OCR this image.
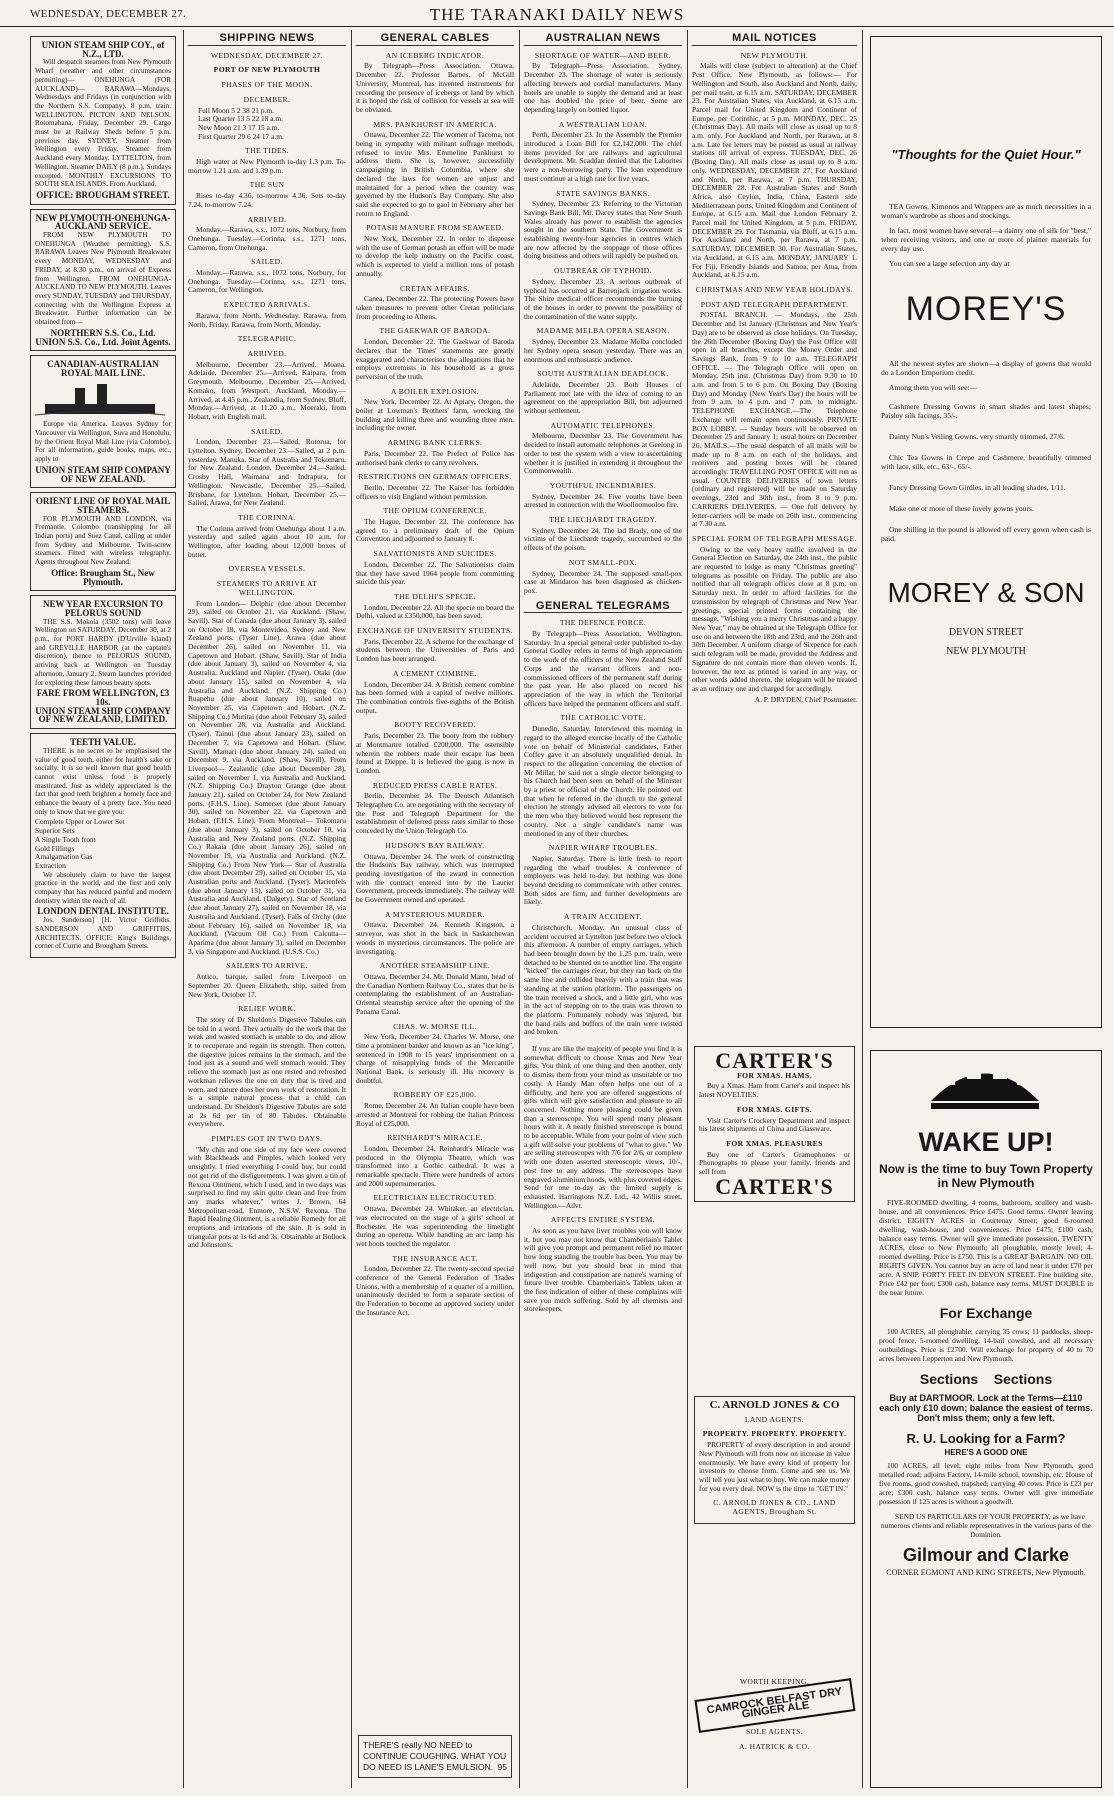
WEDNESDAY, DECEMBER 27.	THE TARANAKI DAILY NEWS
UNION STEAM SHIP COY., of N.Z., LTD.
Will despatch steamers from New Plymouth Wharf (weather and other circumstances permitting)— ONEHUNGA (FOR AUCKLAND)— RARAWA—Mondays, Wednesdays and Fridays (in conjunction with the Northern S.S. Company). 8 p.m. train. WELLINGTON, PICTON AND NELSON. Rotomahana, Friday, December 29. Cargo must be at Railway Sheds before 5 p.m. previous day. SYDNEY. Steamer from Wellington every Friday. Steamer from Auckland every Monday. LYTTELTON, from Wellington. Steamer DAILY (8 p.m.), Sundays excepted. MONTHLY EXCURSIONS TO SOUTH SEA ISLANDS. From Auckland.
OFFICE: BROUGHAM STREET.
NEW PLYMOUTH-ONEHUNGA-AUCKLAND SERVICE.
FROM NEW PLYMOUTH TO ONEHUNGA (Weather permitting). S.S. RARAWA Leaves New Plymouth Breakwater every MONDAY, WEDNESDAY and FRIDAY, at 8.30 p.m., on arrival of Express from Wellington. FROM ONEHUNGA-AUCKLAND TO NEW PLYMOUTH. Leaves every SUNDAY, TUESDAY and THURSDAY, connecting with the Wellington Express at Breakwater. Further information can be obtained from—
NORTHERN S.S. Co., Ltd. UNION S.S. Co., Ltd. Joint Agents.
CANADIAN-AUSTRALIAN ROYAL MAIL LINE.
Europe via America. Leaves Sydney for Vancouver via Wellington, Suva and Honolulu, by the Orient Royal Mail Line (via Colombo). For all information, guide books, maps, etc., apply to
UNION STEAM SHIP COMPANY OF NEW ZEALAND.
ORIENT LINE OF ROYAL MAIL STEAMERS.
FOR PLYMOUTH AND LONDON, via Fremantle, Colombo (transhipping for all Indian ports) and Suez Canal, calling at under from Sydney and Melbourne. Twin-screw steamers. Fitted with wireless telegraphy. Agents throughout New Zealand.
Office: Brougham St., New Plymouth.
NEW YEAR EXCURSION TO PELORUS SOUND
THE S.S. Mokoia (3502 tons) will leave Wellington on SATURDAY, December 30, at 2 p.m., for PORT HARDY (D'Urville Island) and GREVILLE HARBOR (at the captain's discretion), thence to PELORUS SOUND, arriving back at Wellington on Tuesday afternoon, January 2. Steam launches provided for exploring these famous beauty spots.
FARE FROM WELLINGTON, £3 10s.
UNION STEAM SHIP COMPANY OF NEW ZEALAND, LIMITED.
TEETH VALUE.
THERE is no secret to be emphasised the value of good teeth, either for health's sake or socially. It is so well known that good health cannot exist unless food is properly masticated. Just as widely appreciated is the fact that good teeth brighten a homely face and enhance the beauty of a pretty face. You need only to know that we give you:
Complete Upper or Lower Set
Superior Sets
A Single Tooth from
Gold Fillings
Amalgamation Gas
Extraction
We absolutely claim to have the largest practice in the world, and the first and only company that has reduced painful and modern dentistry within the reach of all.
LONDON DENTAL INSTITUTE.
Jos. Sanderson] [H. Victor Griffiths. SANDERSON AND GRIFFITHS, ARCHITECTS. OFFICE: King's Buildings, corner of Currie and Brougham Streets.
SHIPPING NEWS
WEDNESDAY, DECEMBER 27.
PORT OF NEW PLYMOUTH
PHASES OF THE MOON.
DECEMBER.
Full Moon 5 2 38 21 p.m.
Last Quarter 13 5 22 18 a.m.
New Moon 21 3 17 15 a.m.
First Quarter 29 6 24 17 a.m.
THE TIDES.
High water at New Plymouth to-day 1.3 p.m. To-morrow 1.21 a.m. and 1.39 p.m.
THE SUN
Rises to-day 4.36, to-morrow 4.36. Sets to-day 7.24, to-morrow 7.24.
ARRIVED.
Monday.—Rarawa, s.s., 1072 tons, Norbury, from Onehunga. Tuesday.—Corinna, s.s., 1271 tons, Cameron, from Onehunga.
SAILED.
Monday.—Rarawa, s.s., 1072 tons, Norbury, for Onehunga. Tuesday.—Corinna, s.s., 1271 tons, Cameron, for Wellington.
EXPECTED ARRIVALS.
Rarawa, from North, Wednesday. Rarawa, from North, Friday. Rarawa, from North, Monday.
TELEGRAPHIC.
ARRIVED.
Melbourne, December 23.—Arrived. Moana. Adelaide, December 25.—Arrived, Kaipara, from Greymouth. Melbourne, December 25.—Arrived, Komako, from Westport. Auckland, Monday.—Arrived, at 4.45 p.m., Zealandia, from Sydney. Bluff, Monday.—Arrived, at 11.20 a.m., Moeraki, from Hobart, with English mail.
SAILED.
London, December 23.—Sailed, Rotorua, for Lyttelton. Sydney, December 23.—Sailed, at 2 p.m. yesterday, Manuka, Star of Australia and Tokomaru, for New Zealand. London, December 24.—Sailed, Crosby Hall, Waimana and Indrapura, for Wellington. Newcastle, December 25.—Sailed, Brisbane, for Lyttelton. Hobart, December 25.—Sailed, Arawa, for New Zealand.
THE CORINNA.
The Corinna arrived from Onehunga about 1 a.m. yesterday and sailed again about 10 a.m. for Wellington, after loading about 12,000 boxes of butter.
OVERSEA VESSELS.
STEAMERS TO ARRIVE AT WELLINGTON.
From London— Delphic (due about December 29), sailed on October 21, via Auckland. (Shaw, Savill). Star of Canada (due about January 3), sailed on October 18, via Montevideo, Sydney and New Zealand ports. (Tyser Line). Arawa (due about December 26), sailed on November 11, via Capetown and Hobart. (Shaw, Savill). Star of India (due about January 3), sailed on November 4, via Australia, Auckland and Napier. (Tyser). Otaki (due about January 15), sailed on November 4, via Australia and Auckland. (N.Z. Shipping Co.) Ruapehu (due about January 10), sailed on November 25, via Capetown and Hobart. (N.Z. Shipping Co.) Muritai (due about February 3), sailed on November 28, via Australia and Auckland. (Tyser). Tainui (due about January 23), sailed on December 7, via Capetown and Hobart. (Shaw, Savill). Mamari (due about January 24), sailed on December 9, via Auckland. (Shaw, Savill). From Liverpool— Zealandic (due about December 28), sailed on November 1, via Australia and Auckland. (N.Z. Shipping Co.) Drayton Grange (due about January 21), sailed on October 24, for New Zealand ports. (F.H.S. Line). Somerset (due about January 30), sailed on November 22, via Capetown and Hobart. (F.H.S. Line). From Montreal— Tokomaru (due about January 3), sailed on October 10, via Australia and New Zealand ports. (N.Z. Shipping Co.) Rakaia (due about January 26), sailed on November 19, via Australia and Auckland. (N.Z. Shipping Co.) From New York— Star of Australia (due about December 29), sailed on October 15, via Australian ports and Auckland. (Tyser). Marienfels (due about January 15), sailed on October 31, via Australia and Auckland. (Dalgety). Star of Scotland (due about January 27), sailed on November 18, via Australia and Auckland. (Tyser). Falls of Orchy (due about February 16), sailed on November 18, via Auckland. (Vacuum Oil Co.) From Calcutta— Aparima (due about January 3), sailed on December 3, via Singapore and Auckland. (U.S.S. Co.)
SAILERS TO ARRIVE.
Antico, barque, sailed from Liverpool on September 20. Queen Elizabeth, ship, sailed from New York, October 17.
RELIEF WORK.
The story of Dr Sheldon's Digestive Tabules can be told in a word. They actually do the work that the weak and wasted stomach is unable to do, and allow it to recuperate and regain its strength. Then cotton, the digestive juices remains in the stomach, and the food just as a sound and well stomach would. They relieve the stomach just as one rested and refreshed workman relieves the one on duty that is tired and worn, and nature does her own work of restoration. It is a simple natural process that a child can understand. Dr Sheldon's Digestive Tabules are sold at 2s 6d per tin of 80 Tabules. Obtainable everywhere.
PIMPLES GOT IN TWO DAYS.
"My chin and one side of my face were covered with Blackheads and Pimples, which looked very unsightly. I tried everything I could buy, but could not get rid of the disfigurements. I was given a tin of Rexona Ointment, which I used, and in two days was surprised to find my skin quite clean and free from any marks whatever," writes J. Brown, 64 Metropolitan-road, Enmore, N.S.W. Rexona. The Rapid Healing Ointment, is a reliable Remedy for all eruptions and irritations of the skin. It is sold in triangular pots at 1s 6d and 3s. Obtainable at Bullock and Johnston's.
GENERAL CABLES
AN ICEBERG INDICATOR.
By Telegraph—Press Association. Ottawa, December 22. Professor Barnes, of McGill University, Montreal, has invented instruments for recording the presence of icebergs or land by which it is hoped the risk of collision for vessels at sea will be obviated.
MRS. PANKHURST IN AMERICA.
Ottawa, December 22. The women of Tacoma, not being in sympathy with militant suffrage methods, refused to invite Mrs. Emmeline Pankhurst to address them. She is, however, successfully campaigning in British Columbia, where she declared the laws for women are unjust and maintained for a period when the country was governed by the Hudson's Bay Company. She also said she expected to go to gaol in February after her return to England.
POTASH MANURE FROM SEAWEED.
New York, December 22. In order to dispense with the use of German potash an effort will be made to develop the kelp industry on the Pacific coast, which is expected to yield a million tons of potash annually.
CRETAN AFFAIRS.
Canea, December 22. The protecting Powers have taken measures to prevent other Cretan politicians from proceeding to Athens.
THE GAEKWAR OF BARODA.
London, December 22. The Gaekwar of Baroda declares that the Times' statements are greatly exaggerated and characterises the allegations that he employs extremists in his household as a gross perversion of the truth.
A BOILER EXPLOSION.
New York, December 22. At Apiary, Oregon, the boiler at Lowman's Brothers' farm, wrecking the building and killing three and wounding three men, including the owner.
ARMING BANK CLERKS.
Paris, December 22. The Prefect of Police has authorised bank clerks to carry revolvers.
RESTRICTIONS ON GERMAN OFFICERS.
Berlin, December 22. The Kaiser has forbidden officers to visit England without permission.
THE OPIUM CONFERENCE.
The Hague, December 22. The conference has agreed to a preliminary draft of the Opium Convention and adjourned to January 8.
SALVATIONISTS AND SUICIDES.
London, December 22. The Salvationists claim that they have saved 1964 people from committing suicide this year.
THE DELHI'S SPECIE.
London, December 22. All the specie on board the Delhi, valued at £350,000, has been saved.
EXCHANGE OF UNIVERSITY STUDENTS.
Paris, December 22. A scheme for the exchange of students between the Universities of Paris and London has been arranged.
A CEMENT COMBINE.
London, December 24. A British cement combine has been formed with a capital of twelve millions. The combination controls five-eighths of the British output.
BOOTY RECOVERED.
Paris, December 23. The booty from the robbery at Montmartre totalled £200,000. The ostensible wherein the robbers made their escape has been found at Dieppe. It is believed the gang is now in London.
REDUCED PRESS CABLE RATES.
Berlin, December 24. The Deutsch Atlantisch Telegraphen Co. are negotiating with the secretary of the Post and Telegraph Department for the establishment of deferred press rates similar to those conceded by the Union Telegraph Co.
HUDSON'S BAY RAILWAY.
Ottawa, December 24. The work of constructing the Hudson's Bay railway, which was interrupted pending investigation of the award in connection with the contract entered into by the Laurier Government, proceeds immediately. The railway will be Government owned and operated.
A MYSTERIOUS MURDER.
Ottawa, December 24. Kenneth Kingston, a surveyor, was shot in the back in Saskatchewan woods in mysterious circumstances. The police are investigating.
ANOTHER STEAMSHIP LINE.
Ottawa, December 24. Mr. Donald Mann, head of the Canadian Northern Railway Co., states that he is contemplating the establishment of an Australian-Oriental steamship service after the opening of the Panama Canal.
CHAS. W. MORSE ILL.
New York, December 24. Charles W. Morse, one time a prominent banker and known as an "ice king", sentenced in 1908 to 15 years' imprisonment on a charge of misapplying funds of the Mercantile National Bank, is seriously ill. His recovery is doubtful.
ROBBERY OF £25,000.
Rome, December 24. An Italian couple have been arrested at Montreal for robbing the Italian Princess Royal of £25,000.
REINHARDT'S MIRACLE.
London, December 24. Reinhardt's Miracle was produced in the Olympia Theatre, which was transformed into a Gothic cathedral. It was a remarkable spectacle. There were hundreds of actors and 2000 supernumeraries.
ELECTRICIAN ELECTROCUTED.
Ottawa, December 24. Whitaker, an electrician, was electrocuted on the stage of a girls' school at Rochester. He was superintending the limelight during an operetta. While handling an arc lamp his wet boots touched the regulator.
THE INSURANCE ACT.
London, December 22. The twenty-second special conference of the General Federation of Trades Unions, with a membership of a quarter of a million, unanimously decided to form a separate section of the Federation to become an approved society under the Insurance Act.
THERE'S really NO NEED to CONTINUE COUGHING. WHAT YOU DO NEED IS LANE'S EMULSION. 95
AUSTRALIAN NEWS
SHORTAGE OF WATER—AND BEER.
By Telegraph—Press Association. Sydney, December 23. The shortage of water is seriously affecting brewers and cordial manufacturers. Many hotels are unable to supply the demand and at least one has doubled the price of beer. Some are depending largely on bottled liquor.
A WESTRALIAN LOAN.
Perth, December 23. In the Assembly the Premier introduced a Loan Bill for £2,142,000. The chief items provided for are railways and agricultural development. Mr. Scaddan denied that the Laborites were a non-borrowing party. The loan expenditure must continue at a high rate for five years.
STATE SAVINGS BANKS.
Sydney, December 23. Referring to the Victorian Savings Bank Bill, Mr. Dacey states that New South Wales already has power to establish the agencies sought in the southern State. The Government is establishing twenty-four agencies in centres which are now affected by the stoppage of those offices doing business and others will rapidly be pushed on.
OUTBREAK OF TYPHOID.
Sydney, December 23. A serious outbreak of typhoid has occurred at Barrenjack irrigation works. The Shire medical officer recommends the burning of the houses in order to prevent the possibility of the contamination of the water supply.
MADAME MELBA OPERA SEASON.
Sydney, December 23. Madame Melba concluded her Sydney opera season yesterday. There was an enormous and enthusiastic audience.
SOUTH AUSTRALIAN DEADLOCK.
Adelaide, December 23. Both Houses of Parliament met late with the idea of coming to an agreement on the appropriation Bill, but adjourned without settlement.
AUTOMATIC TELEPHONES.
Melbourne, December 23. The Government has decided to install automatic telephones at Geelong in order to test the system with a view to ascertaining whether it is justified in extending it throughout the Commonwealth.
YOUTHFUL INCENDIARIES.
Sydney, December 24. Five youths have been arrested in connection with the Woolloomooloo fire.
THE LIECHARDT TRAGEDY.
Sydney, December 24. The lad Brady, one of the victims of the Liechardt tragedy, succumbed to the effects of the poison.
NOT SMALL-POX.
Sydney, December 24. The supposed small-pox case at Mindaroo has been diagnosed as chicken-pox.
GENERAL TELEGRAMS
THE DEFENCE FORCE.
By Telegraph—Press Association. Wellington, Saturday. In a special general order published to-day General Godley refers in terms of high appreciation to the work of the officers of the New Zealand Staff Corps and the warrant officers and non-commissioned officers of the permanent staff during the past year. He also placed on record his appreciation of the way in which the Territorial officers have helped the permanent officers and staff.
THE CATHOLIC VOTE.
Dunedin, Saturday. Interviewed this morning in regard to the alleged exercise locally of the Catholic vote on behalf of Ministerial candidates, Father Coffey gave it an absolutely unqualified denial. In respect to the allegation concerning the election of Mr Millar, he said not a single elector belonging to his Church had been seen on behalf of the Minister by a priest or official of the Church. He pointed out that when he referred in the church to the general election he strongly advised all electors to vote for the men who they believed would best represent the country. Not a single candidate's name was mentioned in any of their churches.
NAPIER WHARF TROUBLES.
Napier, Saturday. There is little fresh to report regarding the wharf troubles. A conference of employers was held to-day, but nothing was done beyond deciding to communicate with other centres. Both sides are firm, and further developments are likely.
A TRAIN ACCIDENT.
Christchurch, Monday. An unusual class of accident occurred at Lyttelton just before two o'clock this afternoon. A number of empty carriages, which had been brought down by the 1.25 p.m. train, were detached to be shunted on to another line. The engine "kicked" the carriages clear, but they ran back on the same line and collided heavily with a train that was standing at the station platform. The passengers on the train received a shock, and a little girl, who was in the act of stepping on to the train was thrown to the platform. Fortunately nobody was injured, but the hand rails and buffers of the train were twisted and broken.
If you are like the majority of people you find it is somewhat difficult to choose Xmas and New Year gifts. You think of one thing and then another, only to dismiss them from your mind as unsuitable or too costly. A Handy Man often helps one out of a difficulty, and here you are offered suggestions of gifts which will give satisfaction and pleasure to all concerned. Nothing more pleasing could be given than a stereoscope. You will spend many pleasant hours with it. A neatly finished stereoscope is bound to be acceptable. While from your point of view such a gift will solve your problems of "what to give." We are selling stereoscopes with 7/6 for 2/6, or complete with one dozen assorted stereoscopic views, 10/-, post free to any address. The stereoscopes have engraved aluminium hoods, with plus covered edges. Send for one to-day as the limited supply is exhausted. Harringtons N.Z. Ltd., 42 Willis street, Wellington.—Advt.
AFFECTS ENTIRE SYSTEM.
As soon as you have liver troubles you will know it, but you may not know that Chamberlain's Tablet will give you prompt and permanent relief no matter how long standing the trouble has been. You may be well now, but you should bear in mind that indigestion and constipation are nature's warning of future liver trouble. Chamberlain's Tablets taken at the first indication of either of these complaints will save you much suffering. Sold by all chemists and storekeepers.
MAIL NOTICES
NEW PLYMOUTH.
Mails will close (subject to alteration) at the Chief Post Office, New Plymouth, as follows:— For Wellington and South, also Auckland and North, daily, per mail train, at 6.15 a.m. SATURDAY, DECEMBER 23. For Australian States, via Auckland, at 6.15 a.m. Parcel mail for United Kingdom and Continent of Europe, per Corinthic, at 5 p.m. MONDAY, DEC. 25 (Christmas Day). All mails will close as usual up to 8 a.m. only. For Auckland and North, per Rarawa, at 8 a.m. Late fee letters may be posted as usual at railway stations till arrival of express. TUESDAY, DEC. 26 (Boxing Day). All mails close as usual up to 8 a.m. only. WEDNESDAY, DECEMBER 27. For Auckland and North, per Rarawa, at 7 p.m. THURSDAY, DECEMBER 28. For Australian States and South Africa, also Ceylon, India, China, Eastern side Mediterranean ports, United Kingdom and Continent of Europe, at 6.15 a.m. Mail due London February 2. Parcel mail for United Kingdom, at 5 p.m. FRIDAY, DECEMBER 29. For Tasmania, via Bluff, at 6.15 a.m. For Auckland and North, per Rarawa, at 7 p.m. SATURDAY, DECEMBER 30. For Australian States, via Auckland, at 6.15 a.m. MONDAY, JANUARY 1. For Fiji, Friendly Islands and Samoa, per Atua, from Auckland, at 6.15 a.m.
CHRISTMAS AND NEW YEAR HOLIDAYS.
POST AND TELEGRAPH DEPARTMENT.
POSTAL BRANCH. — Mondays, the 25th December and 1st January (Christmas and New Year's Day) are to be observed as close holidays. On Tuesday, the 26th December (Boxing Day) the Post Office will open in all branches, except the Money Order and Savings Bank, from 9 to 10 a.m. TELEGRAPH OFFICE. — The Telegraph Office will open on Monday, 25th inst. (Christmas Day) from 9.30 to 10 a.m. and from 5 to 6 p.m. On Boxing Day (Boxing Day) and Monday (New Year's Day) the hours will be from 9 a.m. to 4 p.m. and 7 p.m. to midnight. TELEPHONE EXCHANGE.—The Telephone Exchange will remain open continuously. PRIVATE BOX LOBBY. — Sunday hours will be observed on December 25 and January 1; usual hours on December 26. MAILS.—The usual despatch of all mails will be made up to 8 a.m. on each of the holidays, and receivers and posting boxes will be cleared accordingly. TRAVELLING POST OFFICE will run as usual. COUNTER DELIVERIES of town letters (ordinary and registered) will be made on Saturday evenings, 23rd and 30th inst., from 8 to 9 p.m. CARRIERS DELIVERIES. — One full delivery by letter-carriers will be made on 26th inst., commencing at 7.30 a.m.
SPECIAL FORM OF TELEGRAPH MESSAGE.
Owing to the very heavy traffic involved in the General Election on Saturday, the 24th inst., the public are requested to lodge as many "Christmas greeting" telegrams as possible on Friday. The public are also notified that all telegraph offices close at 8 p.m. on Saturday next. In order to afford facilities for the transmission by telegraph of Christmas and New Year greetings, special printed forms containing the message, "Wishing you a merry Christmas and a happy New Year," may be obtained at the Telegraph Office for use on and between the 18th and 23rd, and the 26th and 30th December. A uniform charge of Sixpence for each such telegram will be made, provided the Address and Signature do not contain more than eleven words. If, however, the text as printed is varied in any way, or other words added thereto, the telegram will be treated as an ordinary one and charged for accordingly.
A. P. DRYDEN, Chief Postmaster.
CARTER'S
FOR XMAS. HAMS.
Buy a Xmas. Ham from Carter's and inspect his latest NOVELTIES.
FOR XMAS. GIFTS.
Visit Carter's Crockery Department and inspect his latest shipments of China and Glassware.
FOR XMAS. PLEASURES
Buy one of Carter's Gramophones or Phonographs to please your family, friends and self from
CARTER'S
C. ARNOLD JONES & CO
LAND AGENTS.
PROPERTY. PROPERTY. PROPERTY.
PROPERTY of every description in and around New Plymouth will from now on increase in value enormously. We have every kind of property for investors to choose from. Come and see us. We will tell you just what to buy. We can make money for you every deal. NOW is the time to "GET IN."
C. ARNOLD JONES & CO., LAND AGENTS, Brougham St.
WORTH KEEPING.
CAMROCK BELFAST DRY GINGER ALE
SOLE AGENTS.
A. HATRICK & CO.
"Thoughts for the Quiet Hour."
TEA Gowns, Kimonos and Wrappers are as much necessities in a woman's wardrobe as shoes and stockings.
In fact, most women have several—a dainty one of silk for "best," when receiving visitors, and one or more of plainer materials for every day use.
You can see a large selection any day at
MOREY'S
All the newest styles are shown—a display of gowns that would do a London Emporium credit.
Among them you will see:—
Cashmere Dressing Gowns in smart shades and latest shapes; Paisley silk facings, 35/-.
Dainty Nun's Veiling Gowns, very smartly trimmed, 27/6.
Chic Tea Gowns in Crepe and Cashmere, beautifully trimmed with lace, silk, etc., 63/-, 65/-.
Fancy Dressing Gown Girdles, in all leading shades, 1/11.
Make one or more of these lovely gowns yours.
One shilling in the pound is allowed off every gown when cash is paid.
MOREY & SON
DEVON STREET
NEW PLYMOUTH
WAKE UP!
Now is the time to buy Town Property in New Plymouth
FIVE-ROOMED dwelling, 4 rooms, bathroom, scullery and wash-house, and all conveniences. Price £475. Good terms. Owner leaving district. EIGHTY ACRES in Courtenay Street; good 6-roomed dwelling, wash-house, and conveniences. Price £475; £100 cash, balance easy terms. Owner will give immediate possession. TWENTY ACRES, close to New Plymouth; all ploughable, mostly level; 4-roomed dwelling. Price is £750. This is a GREAT BARGAIN. NO OIL RIGHTS GIVEN. You cannot buy an acre of land near it under £70 per acre. A SNIP. FORTY FEET IN DEVON STREET. Fine building site. Price £42 per foot; £300 cash, balance easy terms. MUST DOUBLE in the near future.
For Exchange
100 ACRES, all ploughable; carrying 35 cows; 11 paddocks, sheep-proof fence, 5-roomed dwelling, 14-bail cowshed, and all necessary outbuildings. Price is £2700. Will exchange for property of 40 to 70 acres between Lepperton and New Plymouth.
Sections    Sections
Buy at DARTMOOR. Lock at the Terms—£110 each only £10 down; balance the easiest of terms. Don't miss them; only a few left.
R. U. Looking for a Farm?
HERE'S A GOOD ONE
100 ACRES, all level; eight miles from New Plymouth, good metalled road; adjoins Factory, 14-mile school, township, etc. House of five rooms, good cowshed, trapshed; carrying 40 cows. Price is £23 per acre; £300 cash, balance easy terms. Owner will give immediate possession if 125 acres is without a goodwill.
SEND US PARTICULARS OF YOUR PROPERTY, as we have numerous clients and reliable representatives in the various parts of the Dominion.
Gilmour and Clarke
CORNER EGMONT AND KING STREETS, New Plymouth.
